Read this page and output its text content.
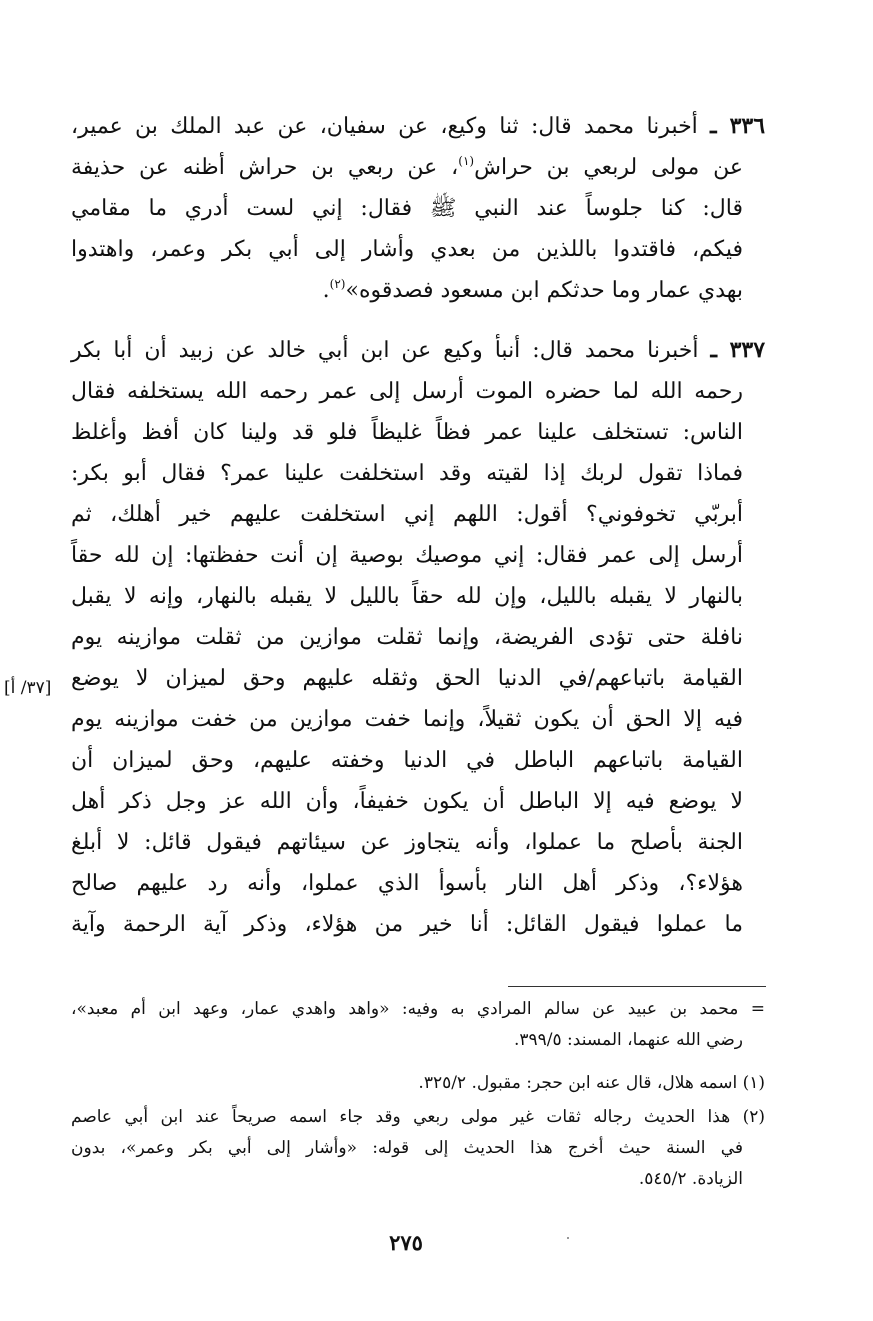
٣٣٦ ـ أخبرنا محمد قال: ثنا وكيع، عن سفيان، عن عبد الملك بن عمير،
عن مولى لربعي بن حراش$^{(١)}$، عن ربعي بن حراش أظنه عن حذيفة
قال: كنا جلوساً عند النبي ﷺ فقال: إني لست أدري ما مقامي
فيكم، فاقتدوا باللذين من بعدي وأشار إلى أبي بكر وعمر، واهتدوا
بهدي عمار وما حدثكم ابن مسعود فصدقوه»$^{(٢)}$.
٣٣٧ ـ أخبرنا محمد قال: أنبأ وكيع عن ابن أبي خالد عن زبيد أن أبا بكر
رحمه الله لما حضره الموت أرسل إلى عمر رحمه الله يستخلفه فقال
الناس: تستخلف علينا عمر فظاً غليظاً فلو قد ولينا كان أفظ وأغلظ
فماذا تقول لربك إذا لقيته وقد استخلفت علينا عمر؟ فقال أبو بكر:
أبربّي تخوفوني؟ أقول: اللهم إني استخلفت عليهم خير أهلك، ثم
أرسل إلى عمر فقال: إني موصيك بوصية إن أنت حفظتها: إن لله حقاً
بالنهار لا يقبله بالليل، وإن لله حقاً بالليل لا يقبله بالنهار، وإنه لا يقبل
نافلة حتى تؤدى الفريضة، وإنما ثقلت موازين من ثقلت موازينه يوم
القيامة باتباعهم/في الدنيا الحق وثقله عليهم وحق لميزان لا يوضع
فيه إلا الحق أن يكون ثقيلاً، وإنما خفت موازين من خفت موازينه يوم
القيامة باتباعهم الباطل في الدنيا وخفته عليهم، وحق لميزان أن
لا يوضع فيه إلا الباطل أن يكون خفيفاً، وأن الله عز وجل ذكر أهل
الجنة بأصلح ما عملوا، وأنه يتجاوز عن سيئاتهم فيقول قائل: لا أبلغ
هؤلاء؟، وذكر أهل النار بأسوأ الذي عملوا، وأنه رد عليهم صالح
ما عملوا فيقول القائل: أنا خير من هؤلاء، وذكر آية الرحمة وآية
[٣٧/ أ]
= محمد بن عبيد عن سالم المرادي به وفيه: «واهد واهدي عمار، وعهد ابن أم معبد»،
رضي الله عنهما، المسند: ٣٩٩/٥.
(١) اسمه هلال، قال عنه ابن حجر: مقبول. ٣٢٥/٢.
(٢) هذا الحديث رجاله ثقات غير مولى ربعي وقد جاء اسمه صريحاً عند ابن أبي عاصم
في السنة حيث أخرج هذا الحديث إلى قوله: «وأشار إلى أبي بكر وعمر»، بدون
الزيادة. ٥٤٥/٢.
٢٧٥
